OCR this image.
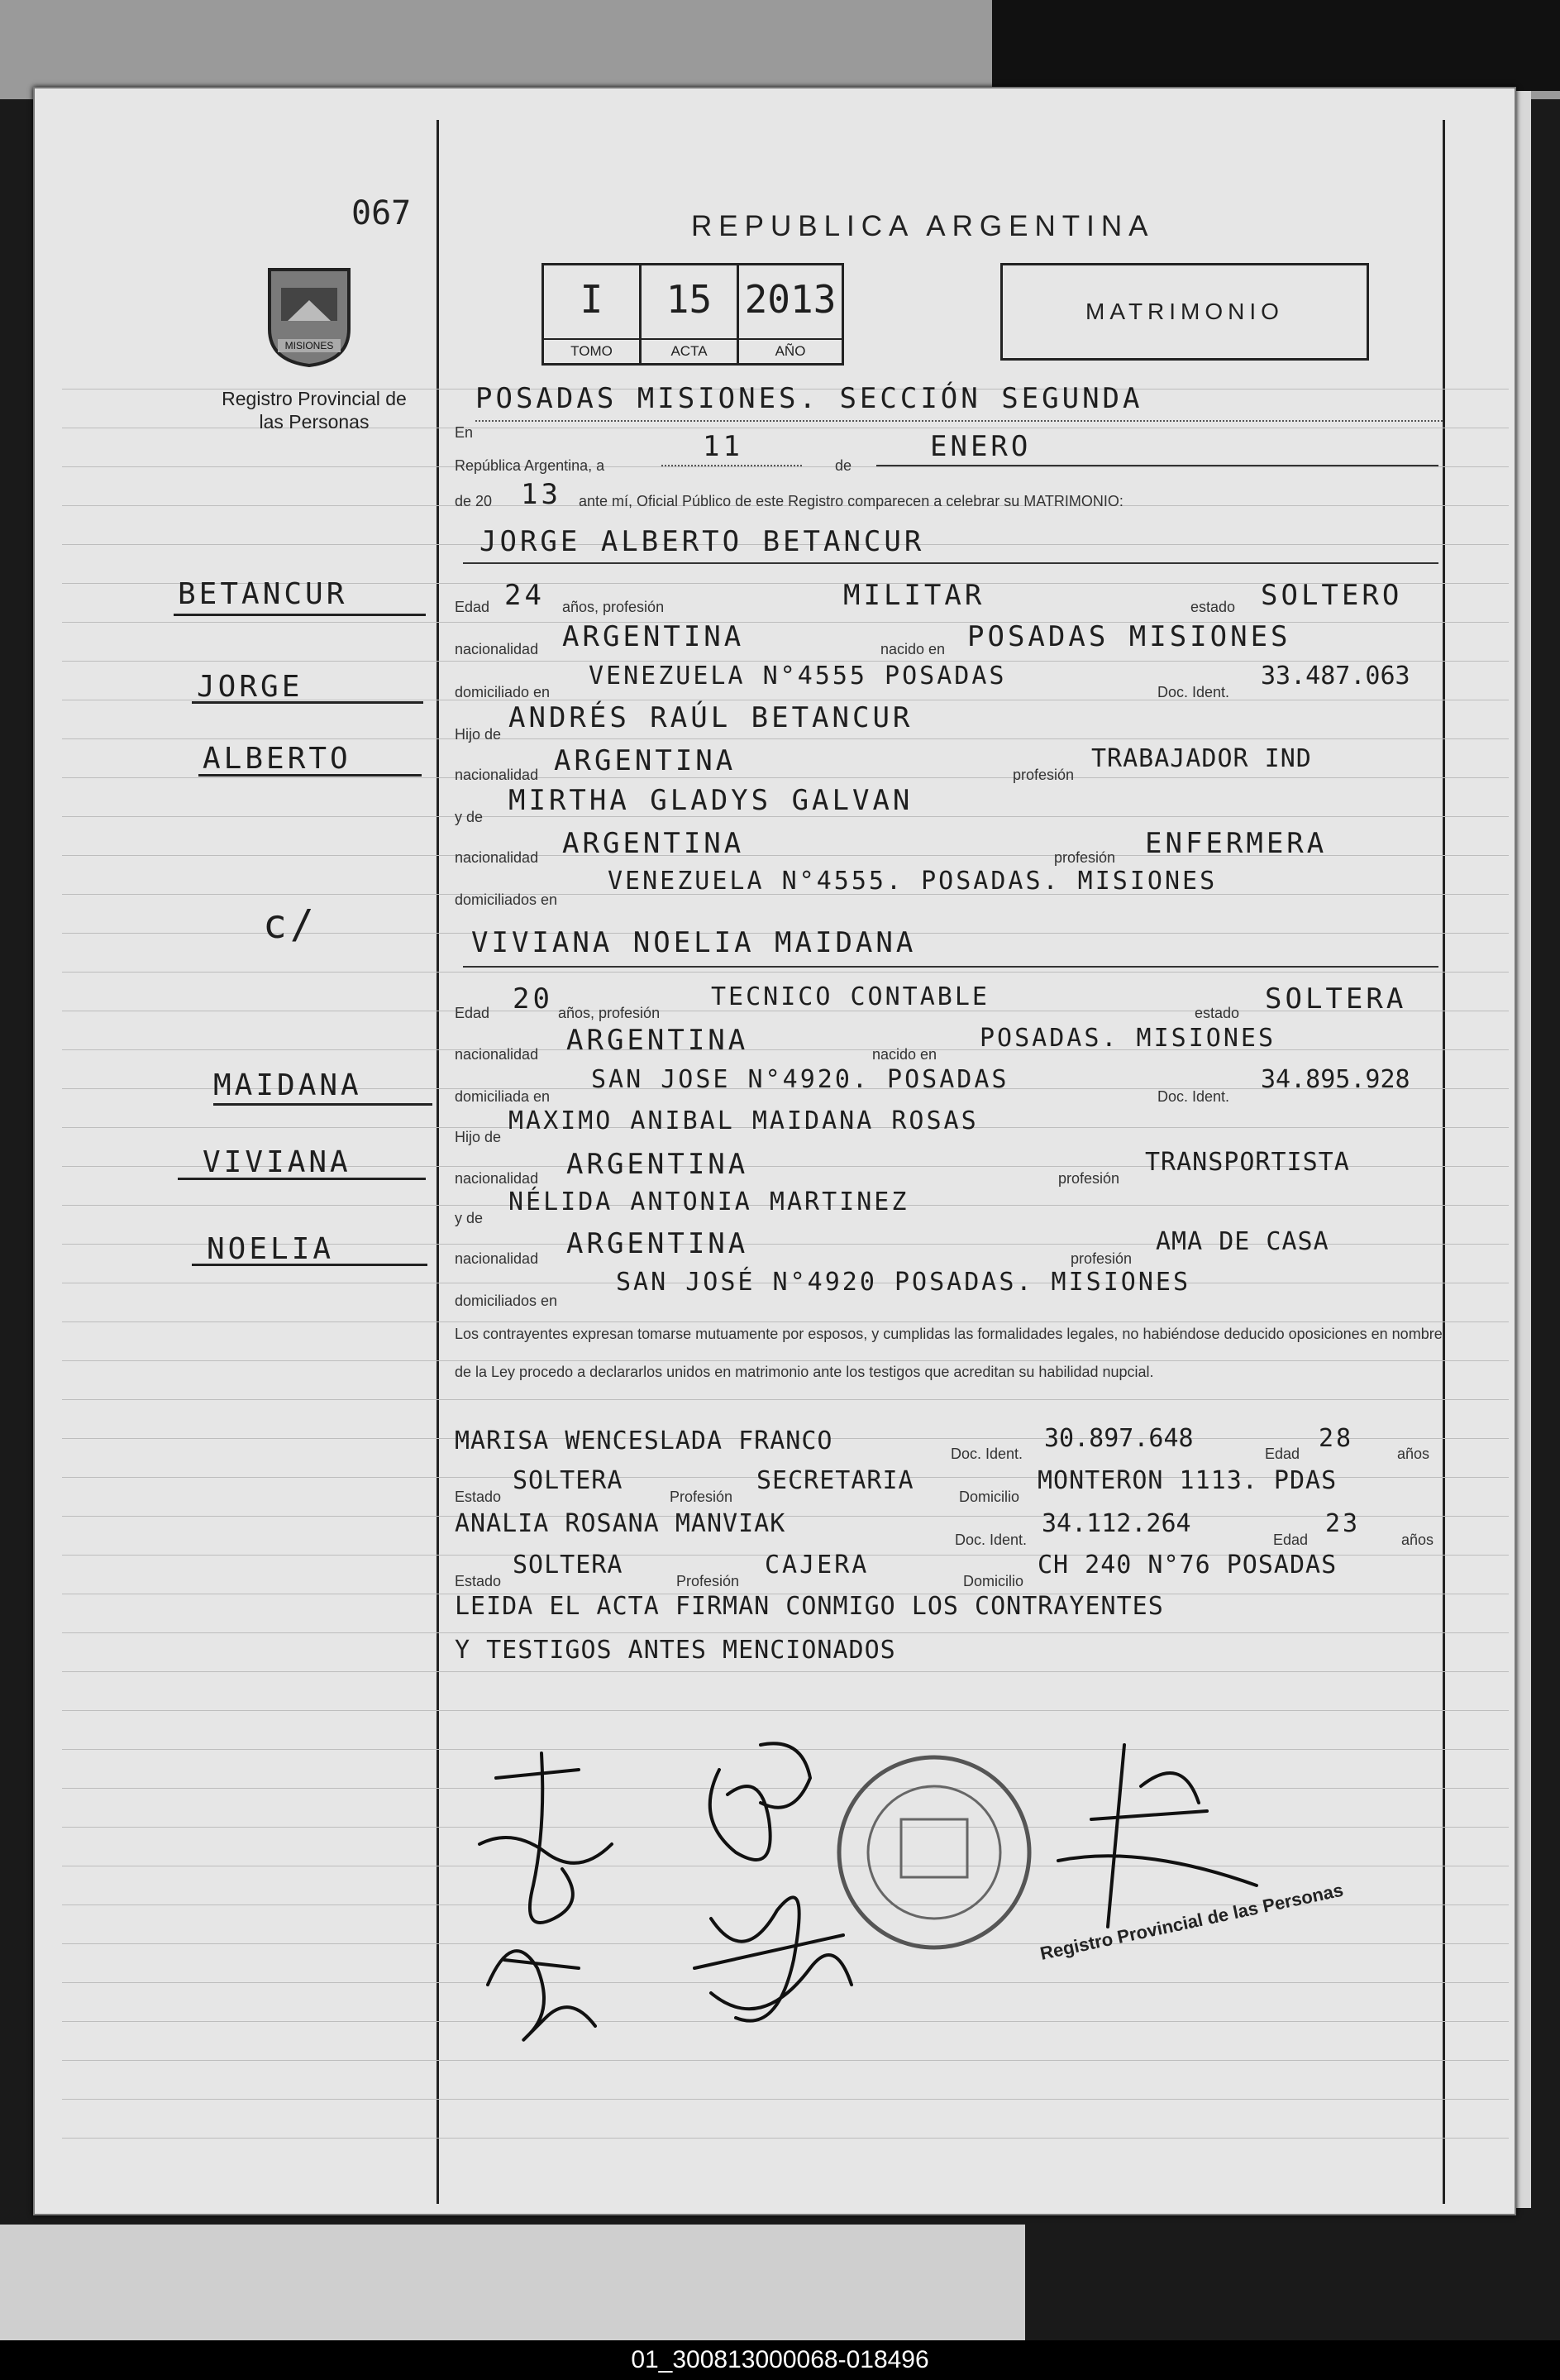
067	REPUBLICA ARGENTINA
MISIONES
Registro Provincial de las Personas
I
TOMO
15
ACTA
2013
AÑO
MATRIMONIO
BETANCUR
JORGE
ALBERTO
c/
MAIDANA
VIVIANA
NOELIA
En
POSADAS MISIONES. SECCIÓN SEGUNDA
República Argentina, a
11
de
ENERO
de 20 13 ante mí, Oficial Público de este Registro comparecen a celebrar su MATRIMONIO:
JORGE ALBERTO BETANCUR
Edad 24 años, profesión	MILITAR	estado SOLTERO
nacionalidad ARGENTINA	nacido en POSADAS MISIONES
domiciliado en
VENEZUELA N°4555 POSADAS
Doc. Ident.
33.487.063
Hijo de ANDRÉS RAÚL BETANCUR
nacionalidad ARGENTINA	profesión
TRABAJADOR IND
y de MIRTHA GLADYS GALVAN
nacionalidad ARGENTINA	profesión ENFERMERA
domiciliados en
VENEZUELA N°4555. POSADAS. MISIONES
VIVIANA NOELIA MAIDANA
Edad 20 años, profesión
TECNICO CONTABLE
estado SOLTERA
nacionalidad ARGENTINA	nacido en
POSADAS. MISIONES
domiciliada en
SAN JOSE N°4920. POSADAS
Doc. Ident.
34.895.928
Hijo de
MAXIMO ANIBAL MAIDANA ROSAS
nacionalidad ARGENTINA	profesión
TRANSPORTISTA
y de
NÉLIDA ANTONIA MARTINEZ
nacionalidad ARGENTINA	profesión
AMA DE CASA
domiciliados en
SAN JOSÉ N°4920 POSADAS. MISIONES
Los contrayentes expresan tomarse mutuamente por esposos, y cumplidas las formalidades legales, no habiéndose deducido oposiciones en nombre de la Ley procedo a declararlos unidos en matrimonio ante los testigos que acreditan su habilidad nupcial.
MARISA WENCESLADA FRANCO	Doc. Ident.
30.897.648
Edad
28
años
Estado
SOLTERA
Profesión
SECRETARIA
Domicilio
MONTERON 1113. PDAS
ANALIA ROSANA MANVIAK
Doc. Ident.
34.112.264
Edad
23
años
Estado
SOLTERA
Profesión
CAJERA
Domicilio
CH 240 N°76 POSADAS
LEIDA EL ACTA FIRMAN CONMIGO LOS CONTRAYENTES
Y TESTIGOS ANTES MENCIONADOS
Registro Provincial de las Personas
01_300813000068-018496
